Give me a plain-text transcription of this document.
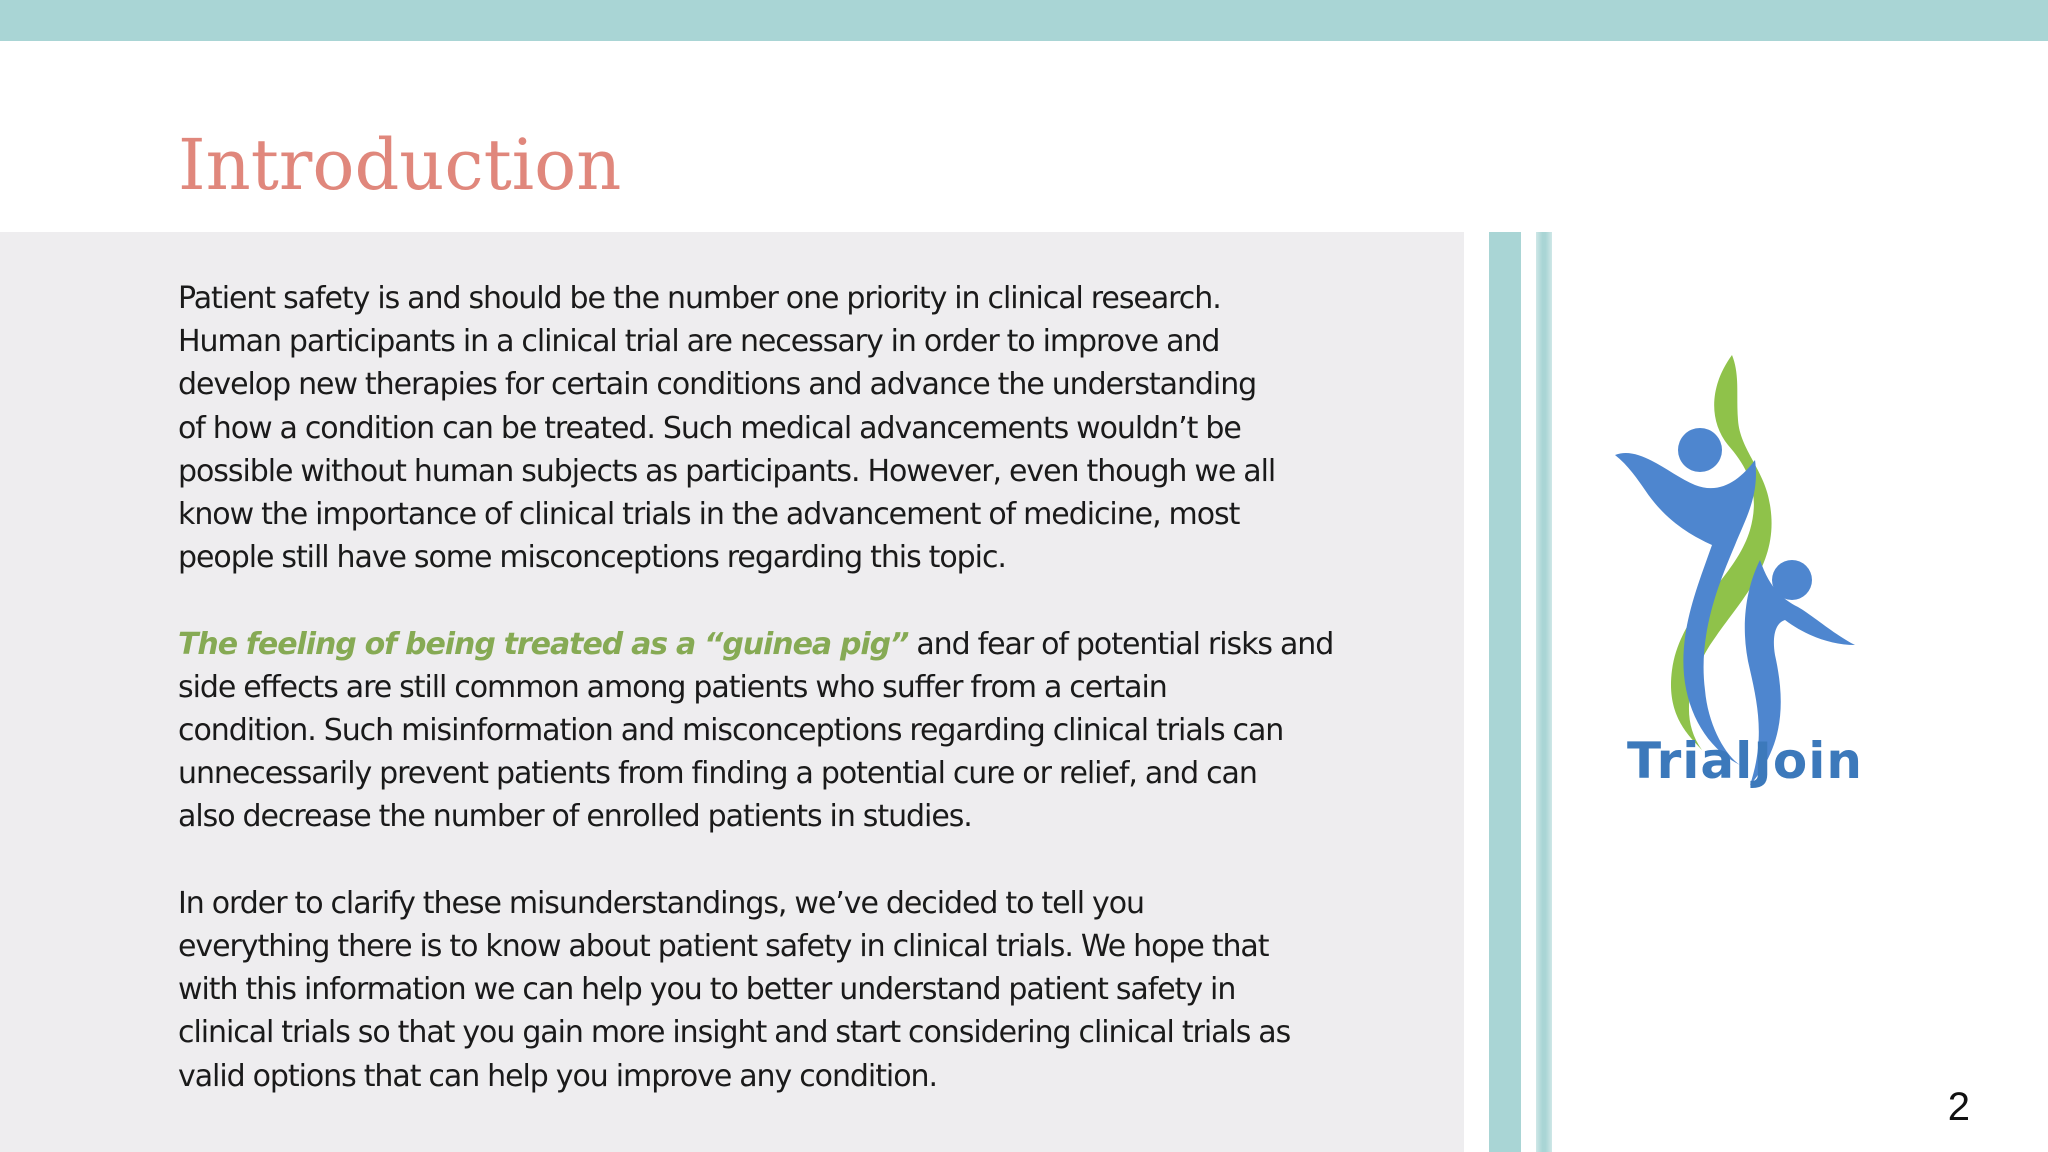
Introduction

Patient safety is and should be the number one priority in clinical research.
Human participants in a clinical trial are necessary in order to improve and
develop new therapies for certain conditions and advance the understanding
of how a condition can be treated. Such medical advancements wouldn’t be
possible without human subjects as participants. However, even though we all
know the importance of clinical trials in the advancement of medicine, most
people still have some misconceptions regarding this topic.

The feeling of being treated as a “guinea pig” and fear of potential risks and
side effects are still common among patients who suffer from a certain
condition. Such misinformation and misconceptions regarding clinical trials can
unnecessarily prevent patients from finding a potential cure or relief, and can
also decrease the number of enrolled patients in studies.

In order to clarify these misunderstandings, we’ve decided to tell you
everything there is to know about patient safety in clinical trials. We hope that
with this information we can help you to better understand patient safety in
clinical trials so that you gain more insight and start considering clinical trials as
valid options that can help you improve any condition.

TrialJoin
2
